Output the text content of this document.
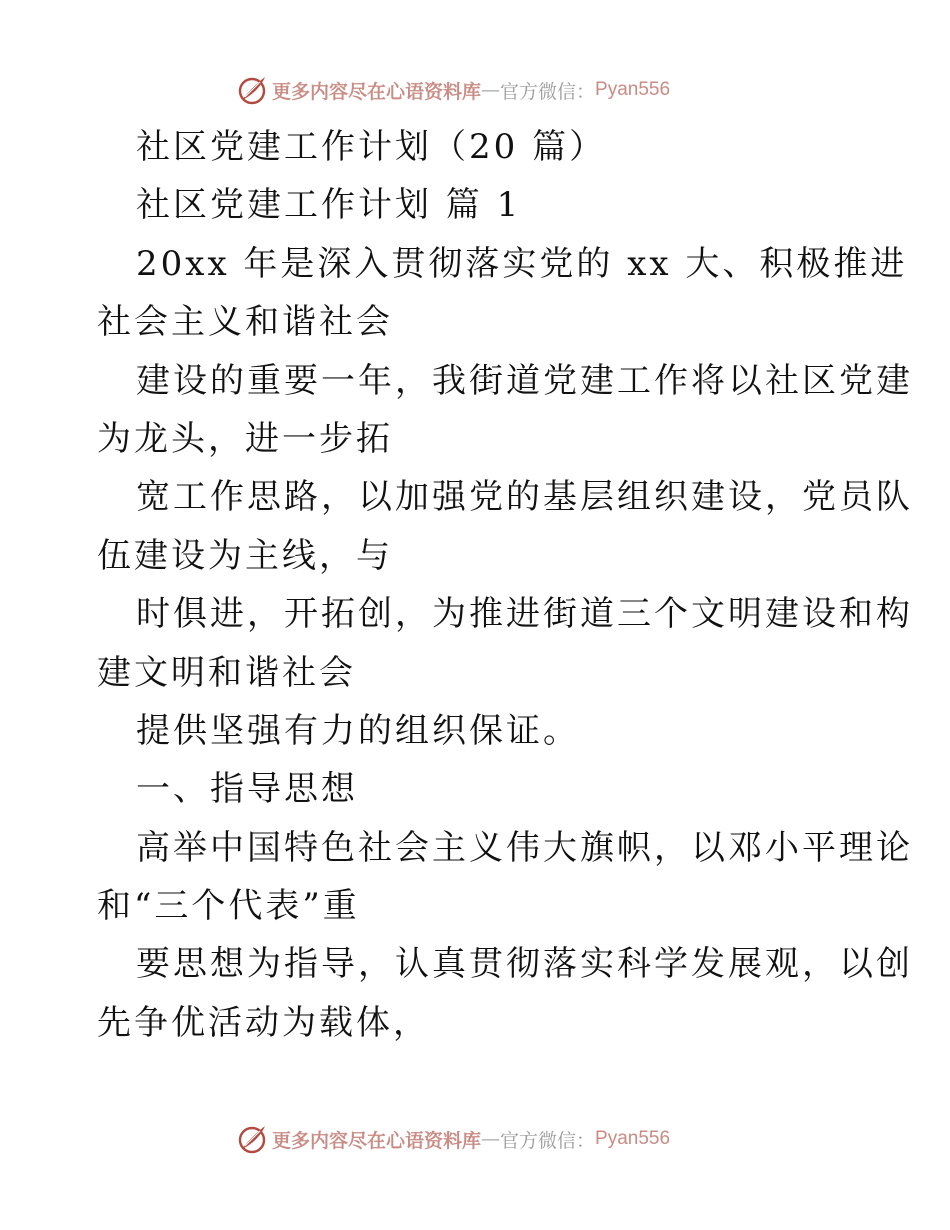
更多内容尽在心语资料库 — 官方微信： Pyan556
社区党建工作计划（20 篇）
社区党建工作计划 篇 1
20xx 年是深入贯彻落实党的 xx 大、积极推进
社会主义和谐社会
建设的重要一年，我街道党建工作将以社区党建
为龙头，进一步拓
宽工作思路，以加强党的基层组织建设，党员队
伍建设为主线，与
时俱进，开拓创，为推进街道三个文明建设和构
建文明和谐社会
提供坚强有力的组织保证。
一、指导思想
高举中国特色社会主义伟大旗帜，以邓小平理论
和“三个代表”重
要思想为指导，认真贯彻落实科学发展观，以创
先争优活动为载体，
更多内容尽在心语资料库 — 官方微信： Pyan556
